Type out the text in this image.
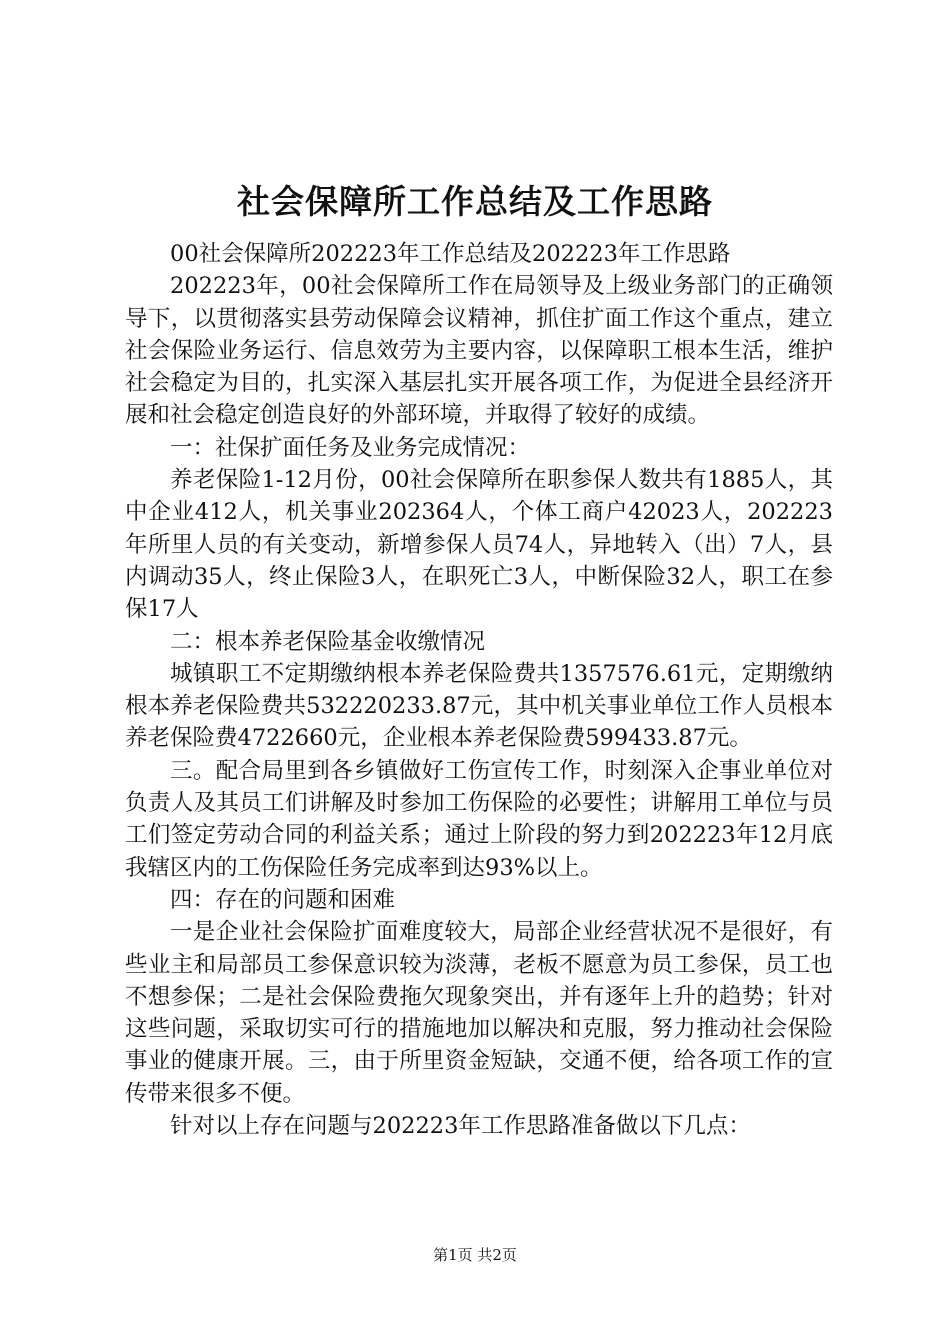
社会保障所工作总结及工作思路

00社会保障所202223年工作总结及202223年工作思路

202223年，00社会保障所工作在局领导及上级业务部门的正确领导下，以贯彻落实县劳动保障会议精神，抓住扩面工作这个重点，建立社会保险业务运行、信息效劳为主要内容，以保障职工根本生活，维护社会稳定为目的，扎实深入基层扎实开展各项工作，为促进全县经济开展和社会稳定创造良好的外部环境，并取得了较好的成绩。

一：社保扩面任务及业务完成情况：

养老保险1-12月份，00社会保障所在职参保人数共有1885人，其中企业412人，机关事业202364人，个体工商户42023人，202223年所里人员的有关变动，新增参保人员74人，异地转入（出）7人，县内调动35人，终止保险3人，在职死亡3人，中断保险32人，职工在参保17人

二：根本养老保险基金收缴情况

城镇职工不定期缴纳根本养老保险费共1357576.61元，定期缴纳根本养老保险费共532220233.87元，其中机关事业单位工作人员根本养老保险费4722660元，企业根本养老保险费599433.87元。

三。配合局里到各乡镇做好工伤宣传工作，时刻深入企事业单位对负责人及其员工们讲解及时参加工伤保险的必要性；讲解用工单位与员工们签定劳动合同的利益关系；通过上阶段的努力到202223年12月底我辖区内的工伤保险任务完成率到达93%以上。

四：存在的问题和困难

一是企业社会保险扩面难度较大，局部企业经营状况不是很好，有些业主和局部员工参保意识较为淡薄，老板不愿意为员工参保，员工也不想参保；二是社会保险费拖欠现象突出，并有逐年上升的趋势；针对这些问题，采取切实可行的措施地加以解决和克服，努力推动社会保险事业的健康开展。三，由于所里资金短缺，交通不便，给各项工作的宣传带来很多不便。

针对以上存在问题与202223年工作思路准备做以下几点：

第1页 共2页
